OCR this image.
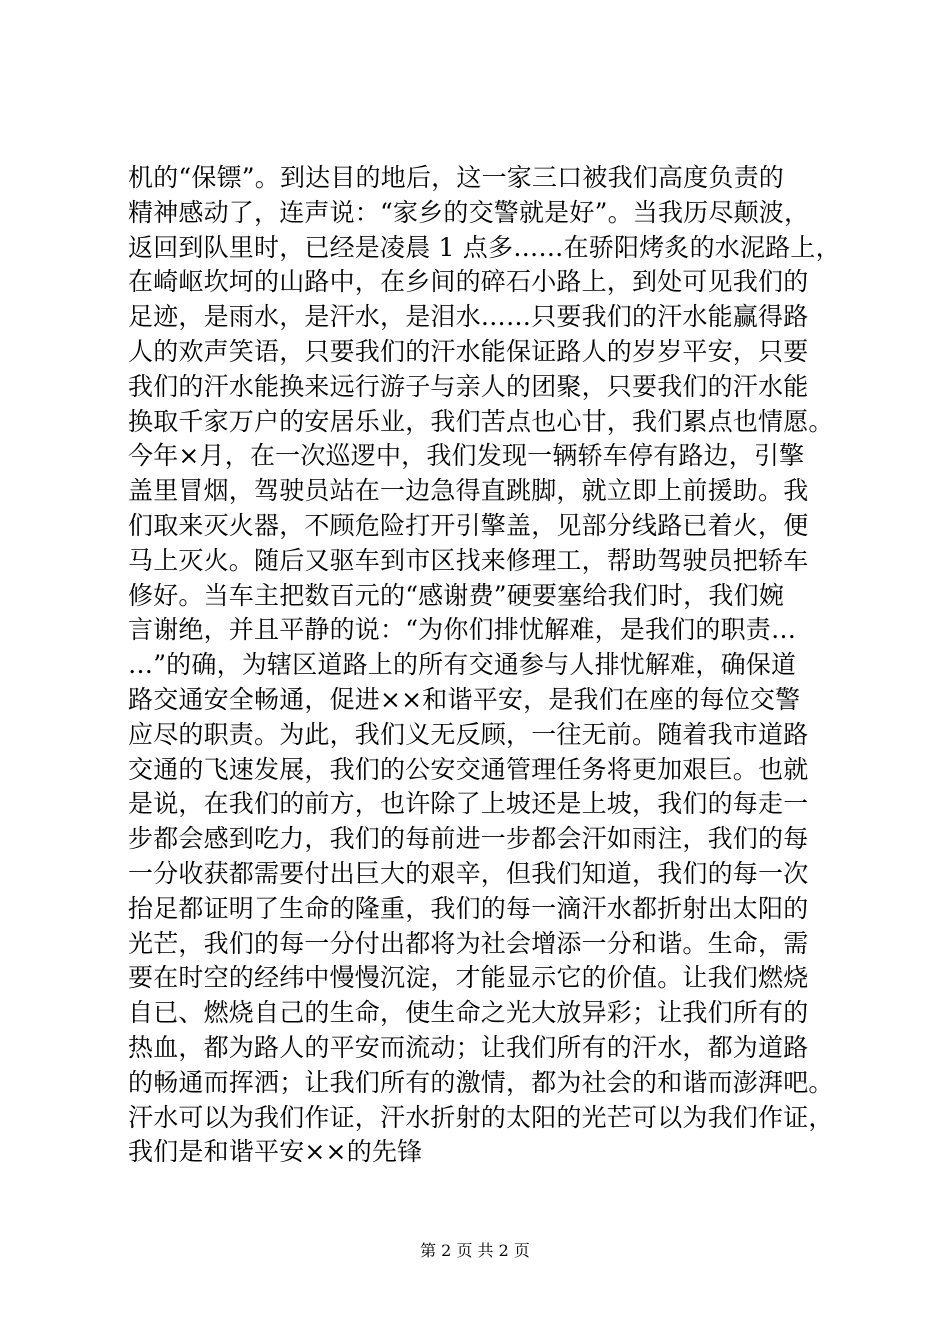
机的“保镖”。到达目的地后，这一家三口被我们高度负责的
精神感动了，连声说：“家乡的交警就是好”。当我历尽颠波，
返回到队里时，已经是凌晨 1 点多……在骄阳烤炙的水泥路上，
在崎岖坎坷的山路中，在乡间的碎石小路上，到处可见我们的
足迹，是雨水，是汗水，是泪水……只要我们的汗水能赢得路
人的欢声笑语，只要我们的汗水能保证路人的岁岁平安，只要
我们的汗水能换来远行游子与亲人的团聚，只要我们的汗水能
换取千家万户的安居乐业，我们苦点也心甘，我们累点也情愿。
今年×月，在一次巡逻中，我们发现一辆轿车停有路边，引擎
盖里冒烟，驾驶员站在一边急得直跳脚，就立即上前援助。我
们取来灭火器，不顾危险打开引擎盖，见部分线路已着火，便
马上灭火。随后又驱车到市区找来修理工，帮助驾驶员把轿车
修好。当车主把数百元的“感谢费”硬要塞给我们时，我们婉
言谢绝，并且平静的说：“为你们排忧解难，是我们的职责…
…”的确，为辖区道路上的所有交通参与人排忧解难，确保道
路交通安全畅通，促进××和谐平安，是我们在座的每位交警
应尽的职责。为此，我们义无反顾，一往无前。随着我市道路
交通的飞速发展，我们的公安交通管理任务将更加艰巨。也就
是说，在我们的前方，也许除了上坡还是上坡，我们的每走一
步都会感到吃力，我们的每前进一步都会汗如雨注，我们的每
一分收获都需要付出巨大的艰辛，但我们知道，我们的每一次
抬足都证明了生命的隆重，我们的每一滴汗水都折射出太阳的
光芒，我们的每一分付出都将为社会增添一分和谐。生命，需
要在时空的经纬中慢慢沉淀，才能显示它的价值。让我们燃烧
自已、燃烧自己的生命，使生命之光大放异彩；让我们所有的
热血，都为路人的平安而流动；让我们所有的汗水，都为道路
的畅通而挥洒；让我们所有的激情，都为社会的和谐而澎湃吧。
汗水可以为我们作证，汗水折射的太阳的光芒可以为我们作证，
我们是和谐平安××的先锋
第 2 页 共 2 页
